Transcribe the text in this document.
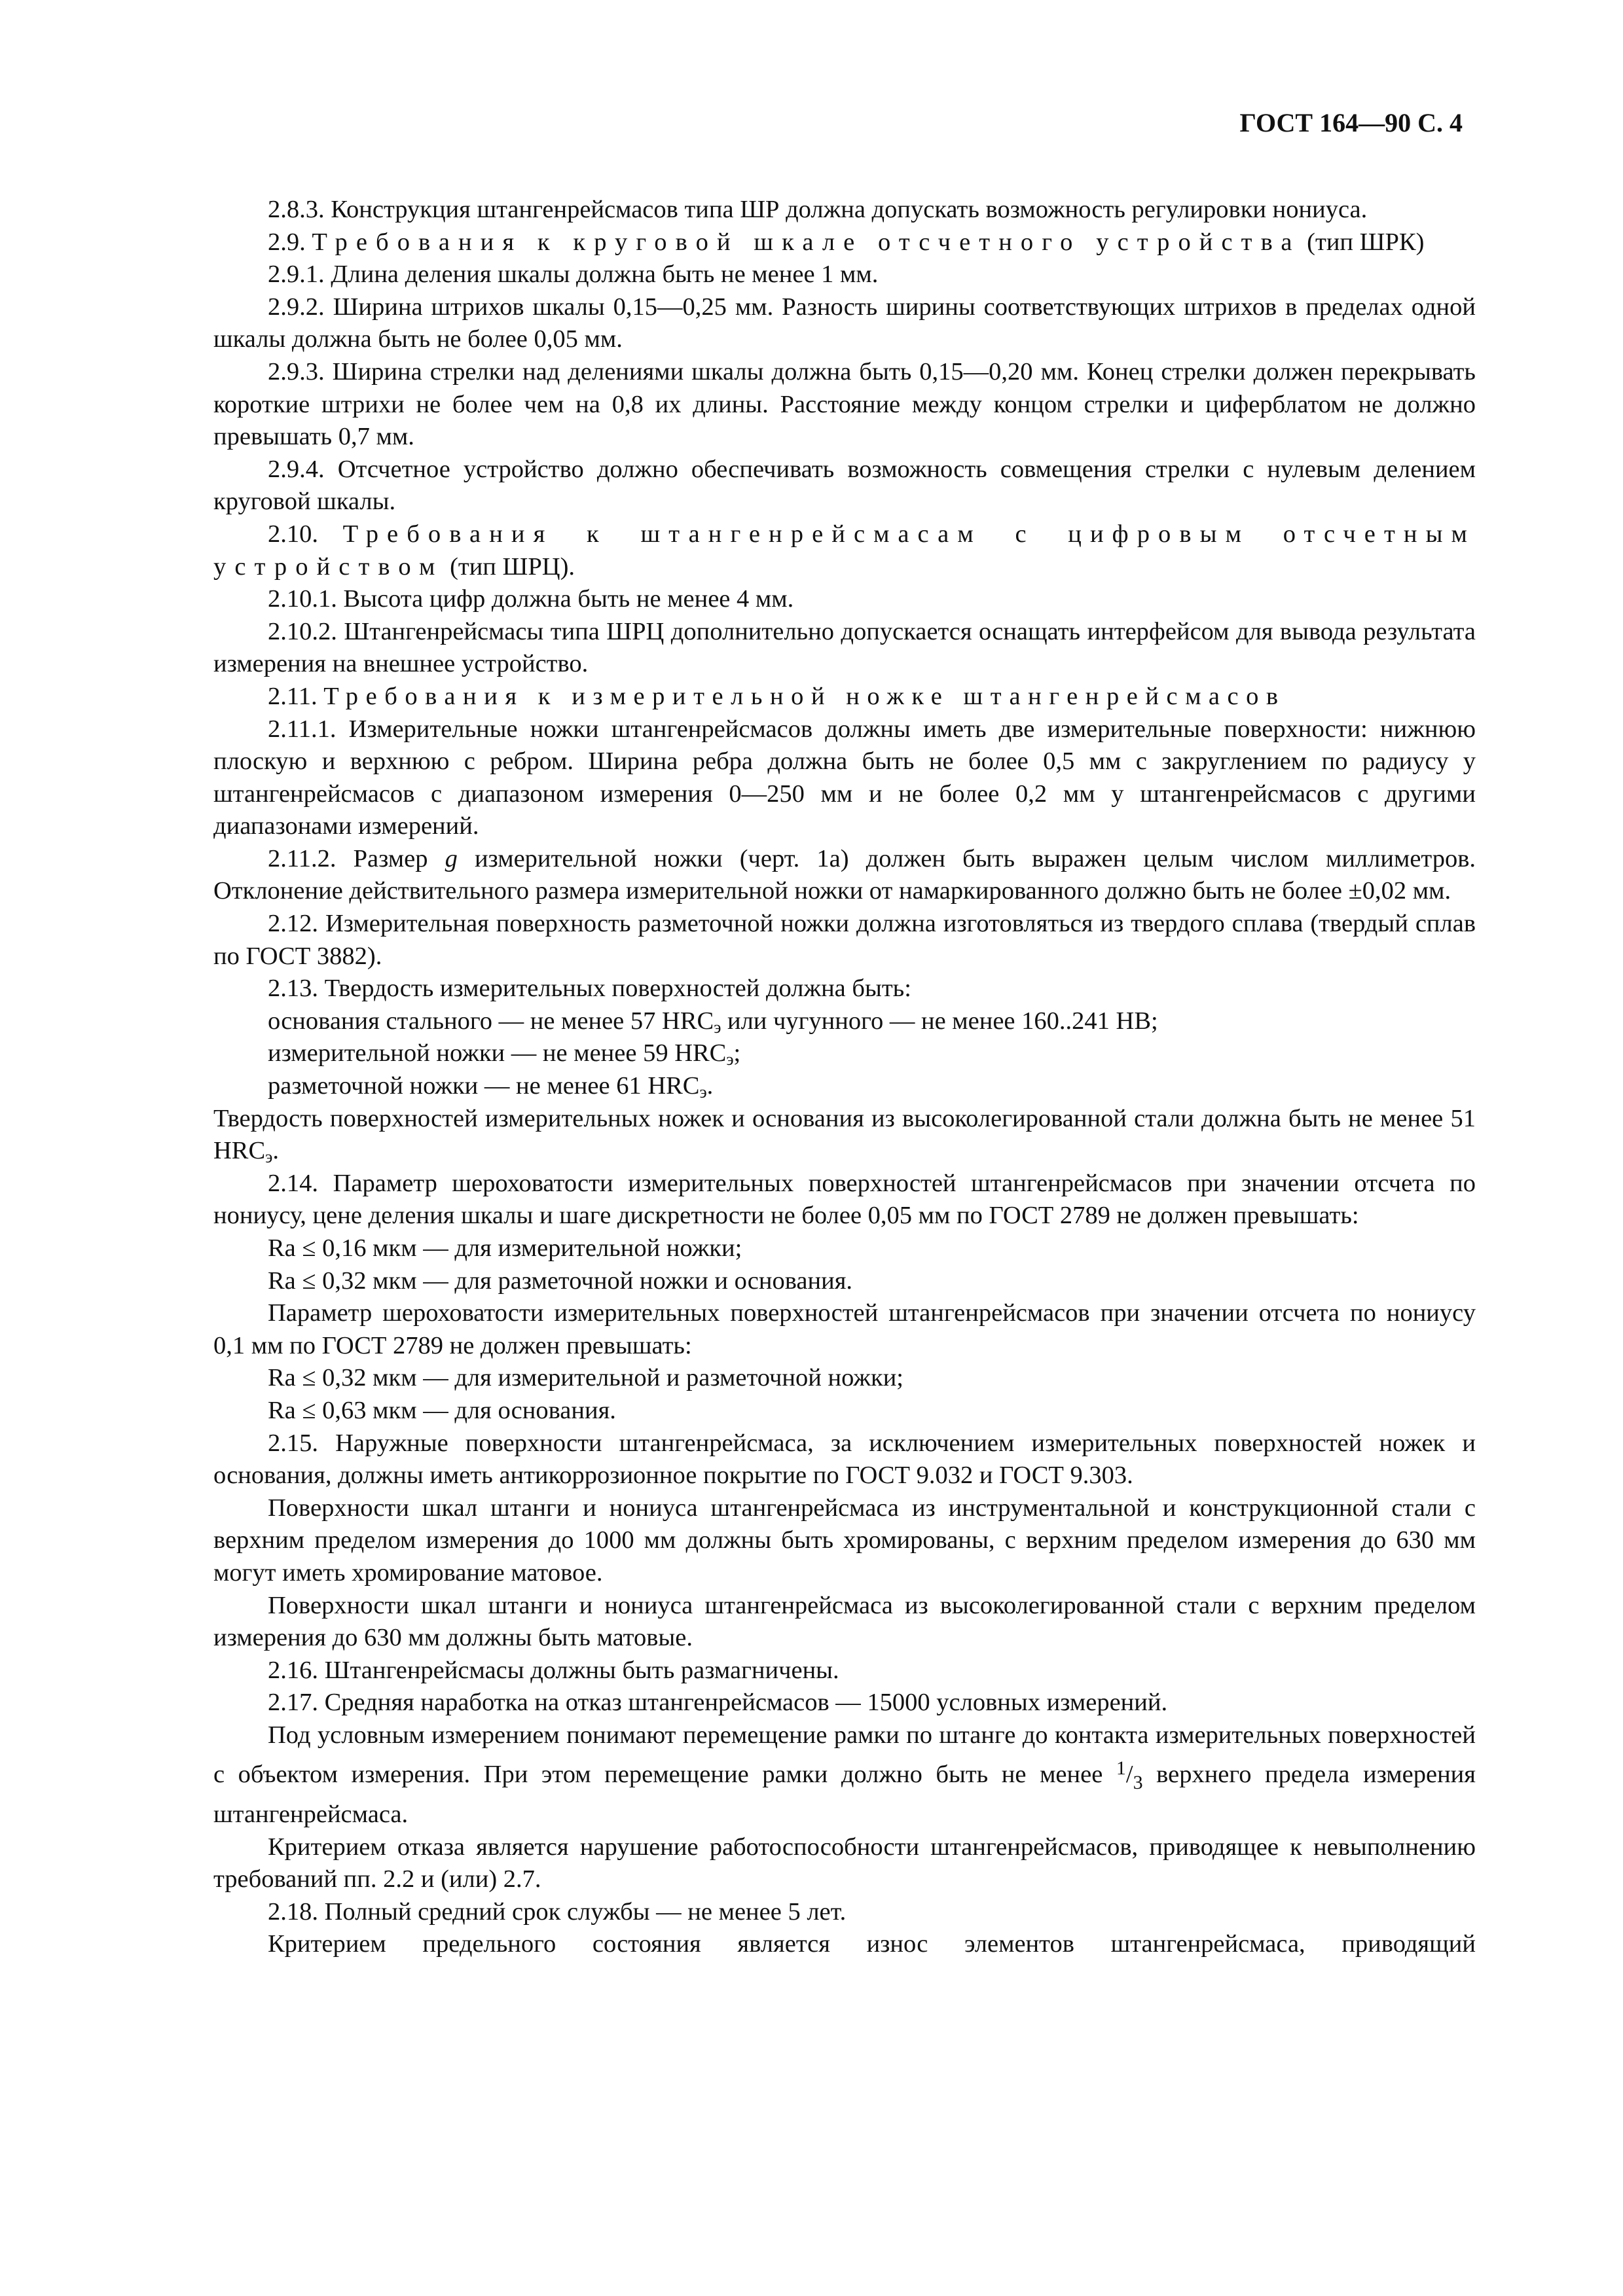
ГОСТ 164—90 С. 4

2.8.3. Конструкция штангенрейсмасов типа ШР должна допускать возможность регулировки нониуса.

2.9. Требования к круговой шкале отсчетного устройства (тип ШРК)

2.9.1. Длина деления шкалы должна быть не менее 1 мм.

2.9.2. Ширина штрихов шкалы 0,15—0,25 мм. Разность ширины соответствующих штрихов в пределах одной шкалы должна быть не более 0,05 мм.

2.9.3. Ширина стрелки над делениями шкалы должна быть 0,15—0,20 мм. Конец стрелки должен перекрывать короткие штрихи не более чем на 0,8 их длины. Расстояние между концом стрелки и циферблатом не должно превышать 0,7 мм.

2.9.4. Отсчетное устройство должно обеспечивать возможность совмещения стрелки с нулевым делением круговой шкалы.

2.10. Требования к штангенрейсмасам с цифровым отсчетным устройством (тип ШРЦ).

2.10.1. Высота цифр должна быть не менее 4 мм.

2.10.2. Штангенрейсмасы типа ШРЦ дополнительно допускается оснащать интерфейсом для вывода результата измерения на внешнее устройство.

2.11. Требования к измерительной ножке штангенрейсмасов

2.11.1. Измерительные ножки штангенрейсмасов должны иметь две измерительные поверхности: нижнюю плоскую и верхнюю с ребром. Ширина ребра должна быть не более 0,5 мм с закруглением по радиусу у штангенрейсмасов с диапазоном измерения 0—250 мм и не более 0,2 мм у штангенрейсмасов с другими диапазонами измерений.

2.11.2. Размер g измерительной ножки (черт. 1а) должен быть выражен целым числом миллиметров. Отклонение действительного размера измерительной ножки от намаркированного должно быть не более ±0,02 мм.

2.12. Измерительная поверхность разметочной ножки должна изготовляться из твердого сплава (твердый сплав по ГОСТ 3882).

2.13. Твердость измерительных поверхностей должна быть:

основания стального — не менее 57 $HRC_э$ или чугунного — не менее 160..241 HB;

измерительной ножки — не менее 59 $HRC_э$;

разметочной ножки — не менее 61 $HRC_э$.

Твердость поверхностей измерительных ножек и основания из высоколегированной стали должна быть не менее 51 $HRC_э$.

2.14. Параметр шероховатости измерительных поверхностей штангенрейсмасов при значении отсчета по нониусу, цене деления шкалы и шаге дискретности не более 0,05 мм по ГОСТ 2789 не должен превышать:

Ra ≤ 0,16 мкм — для измерительной ножки;

Ra ≤ 0,32 мкм — для разметочной ножки и основания.

Параметр шероховатости измерительных поверхностей штангенрейсмасов при значении отсчета по нониусу 0,1 мм по ГОСТ 2789 не должен превышать:

Ra ≤ 0,32 мкм — для измерительной и разметочной ножки;

Ra ≤ 0,63 мкм — для основания.

2.15. Наружные поверхности штангенрейсмаса, за исключением измерительных поверхностей ножек и основания, должны иметь антикоррозионное покрытие по ГОСТ 9.032 и ГОСТ 9.303.

Поверхности шкал штанги и нониуса штангенрейсмаса из инструментальной и конструкционной стали с верхним пределом измерения до 1000 мм должны быть хромированы, с верхним пределом измерения до 630 мм могут иметь хромирование матовое.

Поверхности шкал штанги и нониуса штангенрейсмаса из высоколегированной стали с верхним пределом измерения до 630 мм должны быть матовые.

2.16. Штангенрейсмасы должны быть размагничены.

2.17. Средняя наработка на отказ штангенрейсмасов — 15000 условных измерений.

Под условным измерением понимают перемещение рамки по штанге до контакта измерительных поверхностей с объектом измерения. При этом перемещение рамки должно быть не менее $^1/_3$ верхнего предела измерения штангенрейсмаса.

Критерием отказа является нарушение работоспособности штангенрейсмасов, приводящее к невыполнению требований пп. 2.2 и (или) 2.7.

2.18. Полный средний срок службы — не менее 5 лет.

Критерием предельного состояния является износ элементов штангенрейсмаса, приводящий
